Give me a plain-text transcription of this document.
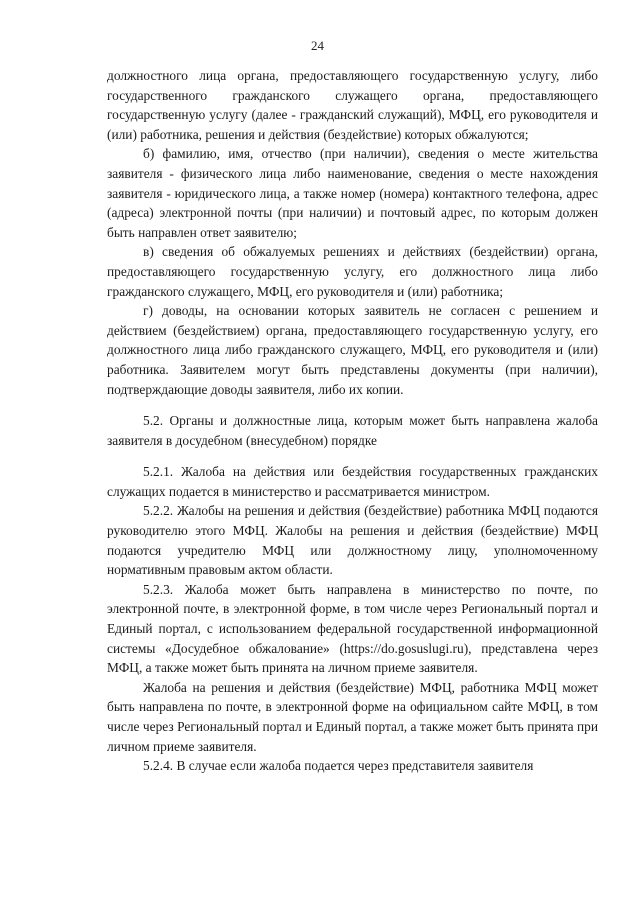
24

должностного лица органа, предоставляющего государственную услугу, либо государственного гражданского служащего органа, предоставляющего государственную услугу (далее - гражданский служащий), МФЦ, его руководителя и (или) работника, решения и действия (бездействие) которых обжалуются;

б) фамилию, имя, отчество (при наличии), сведения о месте жительства заявителя - физического лица либо наименование, сведения о месте нахождения заявителя - юридического лица, а также номер (номера) контактного телефона, адрес (адреса) электронной почты (при наличии) и почтовый адрес, по которым должен быть направлен ответ заявителю;

в) сведения об обжалуемых решениях и действиях (бездействии) органа, предоставляющего государственную услугу, его должностного лица либо гражданского служащего, МФЦ, его руководителя и (или) работника;

г) доводы, на основании которых заявитель не согласен с решением и действием (бездействием) органа, предоставляющего государственную услугу, его должностного лица либо гражданского служащего, МФЦ, его руководителя и (или) работника. Заявителем могут быть представлены документы (при наличии), подтверждающие доводы заявителя, либо их копии.

5.2. Органы и должностные лица, которым может быть направлена жалоба заявителя в досудебном (внесудебном) порядке

5.2.1. Жалоба на действия или бездействия государственных гражданских служащих подается в министерство и рассматривается министром.

5.2.2. Жалобы на решения и действия (бездействие) работника МФЦ подаются руководителю этого МФЦ. Жалобы на решения и действия (бездействие) МФЦ подаются учредителю МФЦ или должностному лицу, уполномоченному нормативным правовым актом области.

5.2.3. Жалоба может быть направлена в министерство по почте, по электронной почте, в электронной форме, в том числе через Региональный портал и Единый портал, с использованием федеральной государственной информационной системы «Досудебное обжалование» (https://do.gosuslugi.ru), представлена через МФЦ, а также может быть принята на личном приеме заявителя.

Жалоба на решения и действия (бездействие) МФЦ, работника МФЦ может быть направлена по почте, в электронной форме на официальном сайте МФЦ, в том числе через Региональный портал и Единый портал, а также может быть принята при личном приеме заявителя.

5.2.4. В случае если жалоба подается через представителя заявителя
